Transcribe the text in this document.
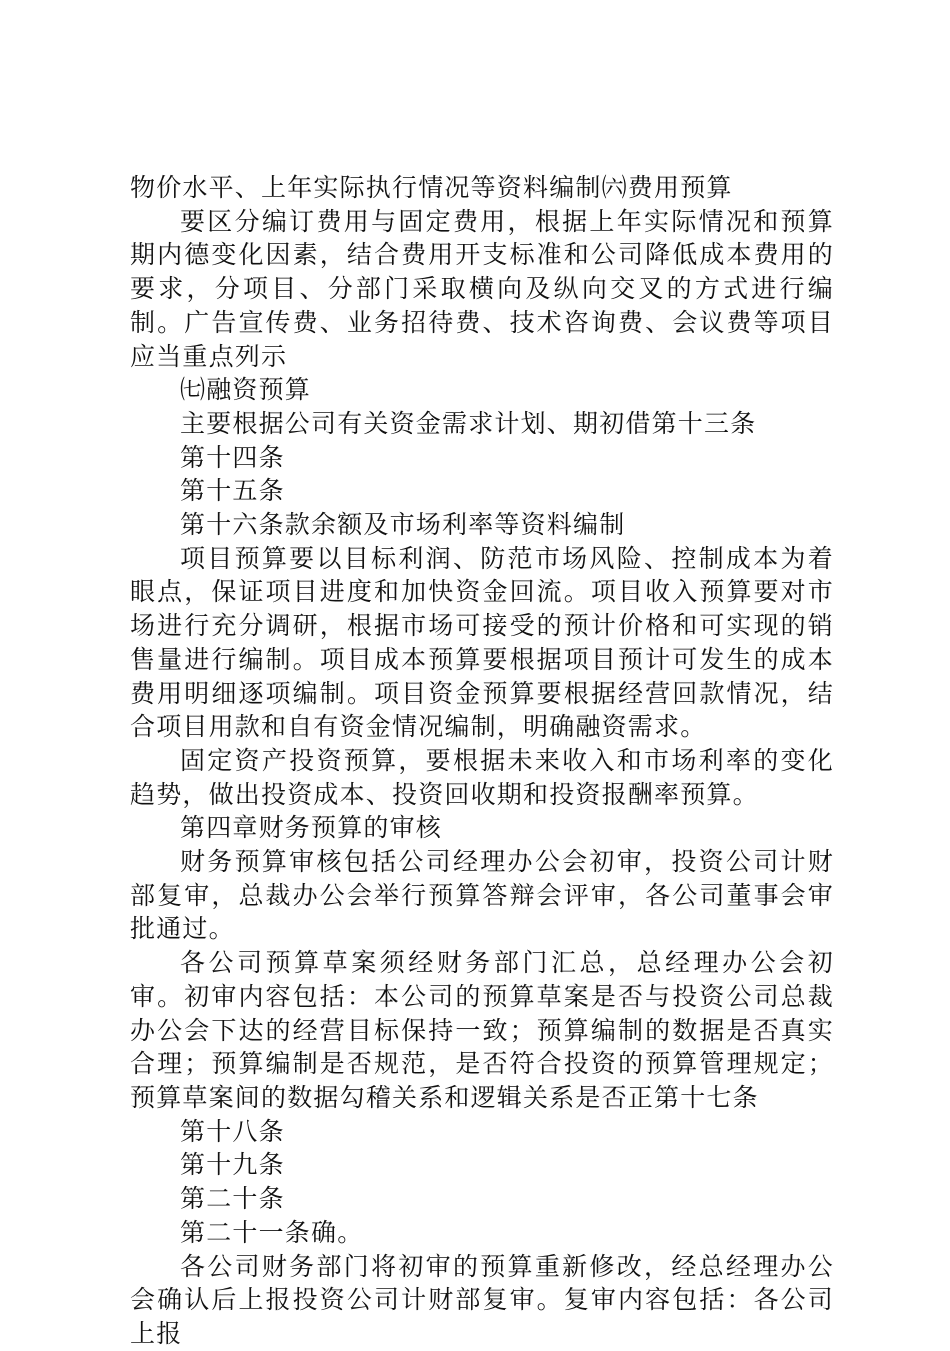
物价水平、上年实际执行情况等资料编制㈥费用预算

要区分编订费用与固定费用，根据上年实际情况和预算期内德变化因素，结合费用开支标准和公司降低成本费用的要求，分项目、分部门采取横向及纵向交叉的方式进行编制。广告宣传费、业务招待费、技术咨询费、会议费等项目应当重点列示

㈦融资预算

主要根据公司有关资金需求计划、期初借第十三条

第十四条

第十五条

第十六条款余额及市场利率等资料编制

项目预算要以目标利润、防范市场风险、控制成本为着眼点，保证项目进度和加快资金回流。项目收入预算要对市场进行充分调研，根据市场可接受的预计价格和可实现的销售量进行编制。项目成本预算要根据项目预计可发生的成本费用明细逐项编制。项目资金预算要根据经营回款情况，结合项目用款和自有资金情况编制，明确融资需求。

固定资产投资预算，要根据未来收入和市场利率的变化趋势，做出投资成本、投资回收期和投资报酬率预算。

第四章财务预算的审核

财务预算审核包括公司经理办公会初审，投资公司计财部复审，总裁办公会举行预算答辩会评审，各公司董事会审批通过。

各公司预算草案须经财务部门汇总，总经理办公会初审。初审内容包括：本公司的预算草案是否与投资公司总裁办公会下达的经营目标保持一致；预算编制的数据是否真实合理；预算编制是否规范，是否符合投资的预算管理规定；预算草案间的数据勾稽关系和逻辑关系是否正第十七条

第十八条

第十九条

第二十条

第二十一条确。

各公司财务部门将初审的预算重新修改，经总经理办公会确认后上报投资公司计财部复审。复审内容包括：各公司上报
